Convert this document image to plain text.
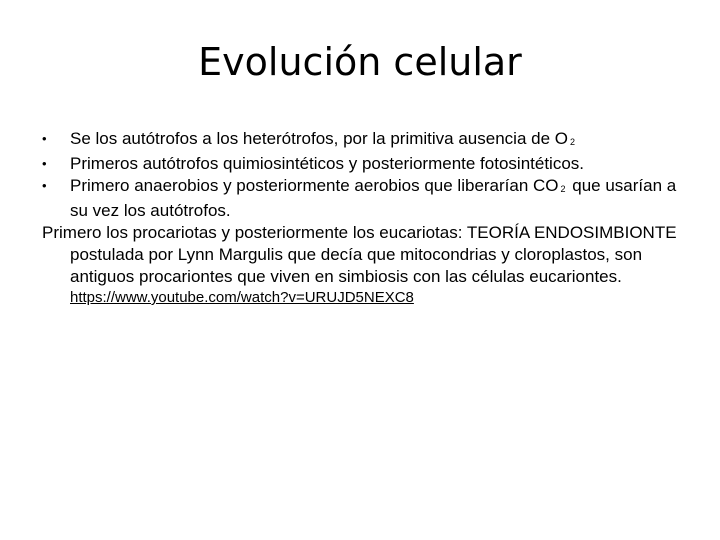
Evolución celular
•	Se los autótrofos a los heterótrofos, por la primitiva ausencia de O 2
•	Primeros autótrofos quimiosintéticos y posteriormente fotosintéticos.
•	Primero anaerobios y posteriormente aerobios que liberarían CO 2 que usarían a su vez los autótrofos.
Primero los procariotas y posteriormente los eucariotas: TEORÍA ENDOSIMBIONTE postulada por Lynn Margulis que decía que mitocondrias y cloroplastos, son antiguos procariontes que viven en simbiosis con las células eucariontes.
https://www.youtube.com/watch?v=URUJD5NEXC8
